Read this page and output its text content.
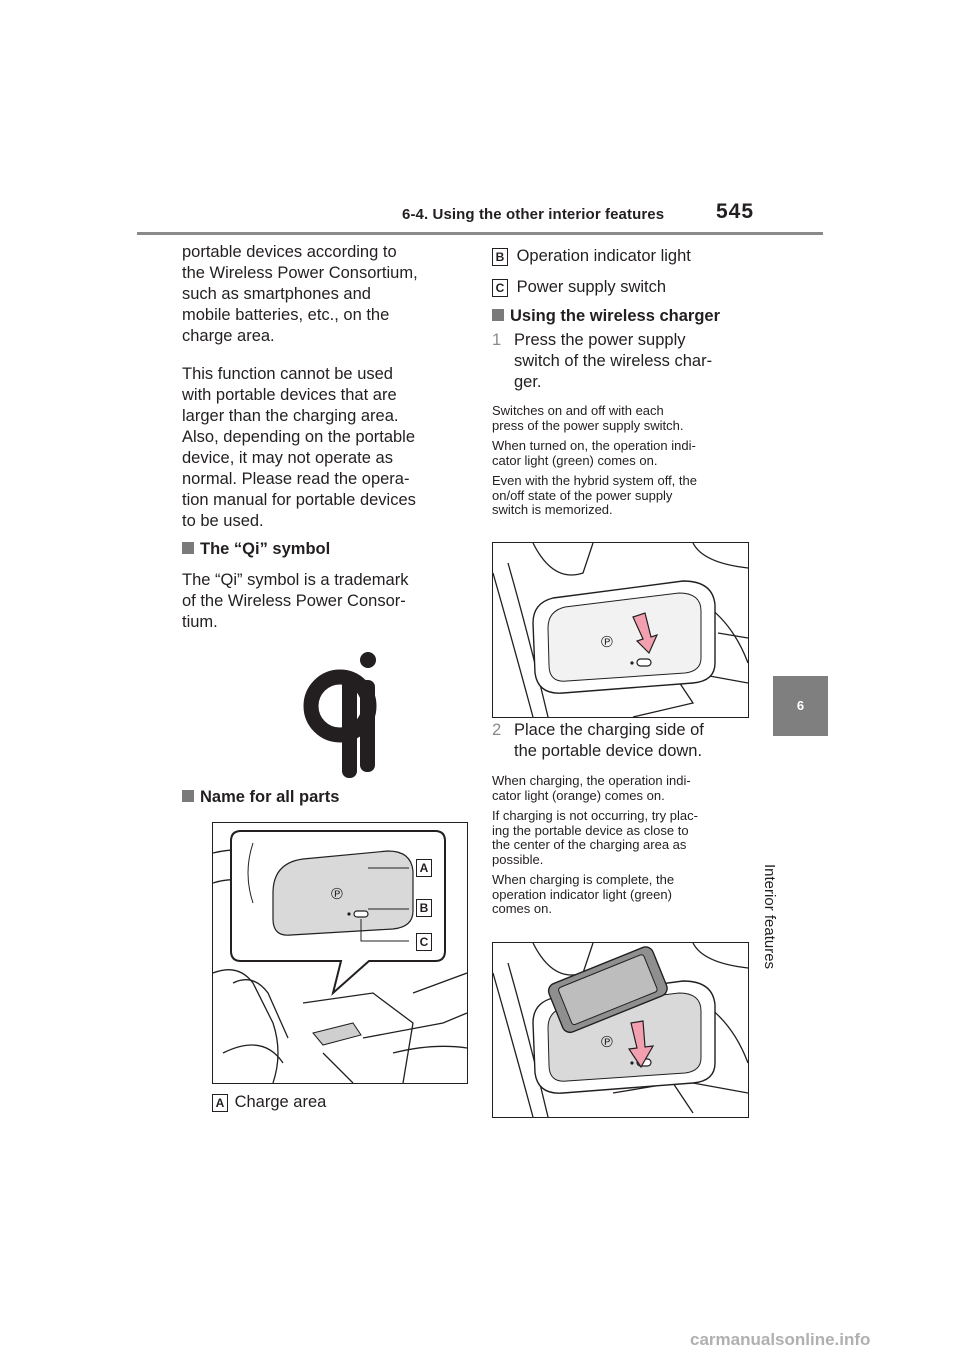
6-4. Using the other interior features 545
6
Interior features
portable devices according to
the Wireless Power Consortium,
such as smartphones and
mobile batteries, etc., on the
charge area.
This function cannot be used
with portable devices that are
larger than the charging area.
Also, depending on the portable
device, it may not operate as
normal. Please read the opera-
tion manual for portable devices
to be used.
The “Qi” symbol
The “Qi” symbol is a trademark
of the Wireless Power Consor-
tium.
Name for all parts
℗
A
B
C
A Charge area
B Operation indicator light
C Power supply switch
Using the wireless charger
1 Press the power supply
switch of the wireless char-
ger.
Switches on and off with each
press of the power supply switch.
When turned on, the operation indi-
cator light (green) comes on.
Even with the hybrid system off, the
on/off state of the power supply
switch is memorized.
℗
2 Place the charging side of
the portable device down.
When charging, the operation indi-
cator light (orange) comes on.
If charging is not occurring, try plac-
ing the portable device as close to
the center of the charging area as
possible.
When charging is complete, the
operation indicator light (green)
comes on.
℗
carmanualsonline.info
